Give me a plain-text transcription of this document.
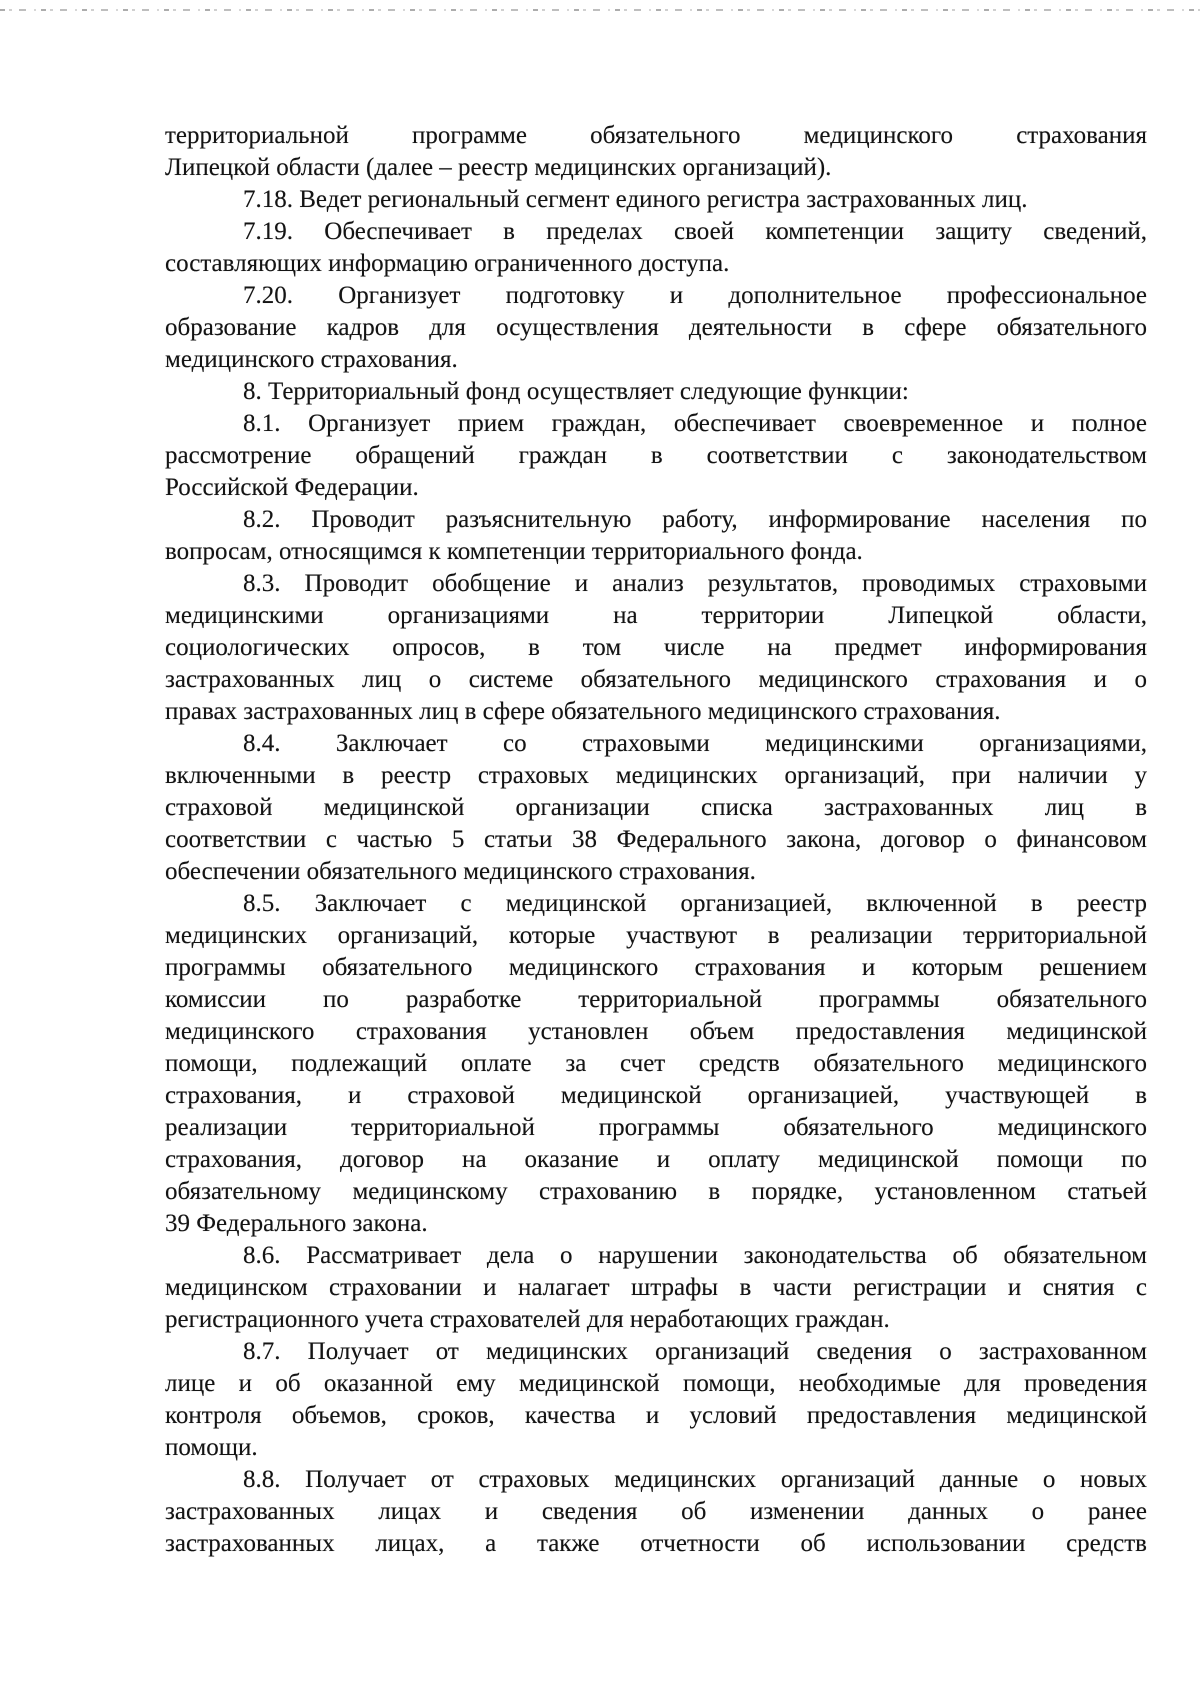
территориальной программе обязательного медицинского страхования
Липецкой области (далее – реестр медицинских организаций).
7.18. Ведет региональный сегмент единого регистра застрахованных лиц.
7.19. Обеспечивает в пределах своей компетенции защиту сведений,
составляющих информацию ограниченного доступа.
7.20. Организует подготовку и дополнительное профессиональное
образование кадров для осуществления деятельности в сфере обязательного
медицинского страхования.
8. Территориальный фонд осуществляет следующие функции:
8.1. Организует прием граждан, обеспечивает своевременное и полное
рассмотрение обращений граждан в соответствии с законодательством
Российской Федерации.
8.2. Проводит разъяснительную работу, информирование населения по
вопросам, относящимся к компетенции территориального фонда.
8.3. Проводит обобщение и анализ результатов, проводимых страховыми
медицинскими организациями на территории Липецкой области,
социологических опросов, в том числе на предмет информирования
застрахованных лиц о системе обязательного медицинского страхования и о
правах застрахованных лиц в сфере обязательного медицинского страхования.
8.4. Заключает со страховыми медицинскими организациями,
включенными в реестр страховых медицинских организаций, при наличии у
страховой медицинской организации списка застрахованных лиц в
соответствии с частью 5 статьи 38 Федерального закона, договор о финансовом
обеспечении обязательного медицинского страхования.
8.5. Заключает с медицинской организацией, включенной в реестр
медицинских организаций, которые участвуют в реализации территориальной
программы обязательного медицинского страхования и которым решением
комиссии по разработке территориальной программы обязательного
медицинского страхования установлен объем предоставления медицинской
помощи, подлежащий оплате за счет средств обязательного медицинского
страхования, и страховой медицинской организацией, участвующей в
реализации территориальной программы обязательного медицинского
страхования, договор на оказание и оплату медицинской помощи по
обязательному медицинскому страхованию в порядке, установленном статьей
39 Федерального закона.
8.6. Рассматривает дела о нарушении законодательства об обязательном
медицинском страховании и налагает штрафы в части регистрации и снятия с
регистрационного учета страхователей для неработающих граждан.
8.7. Получает от медицинских организаций сведения о застрахованном
лице и об оказанной ему медицинской помощи, необходимые для проведения
контроля объемов, сроков, качества и условий предоставления медицинской
помощи.
8.8. Получает от страховых медицинских организаций данные о новых
застрахованных лицах и сведения об изменении данных о ранее
застрахованных лицах, а также отчетности об использовании средств
